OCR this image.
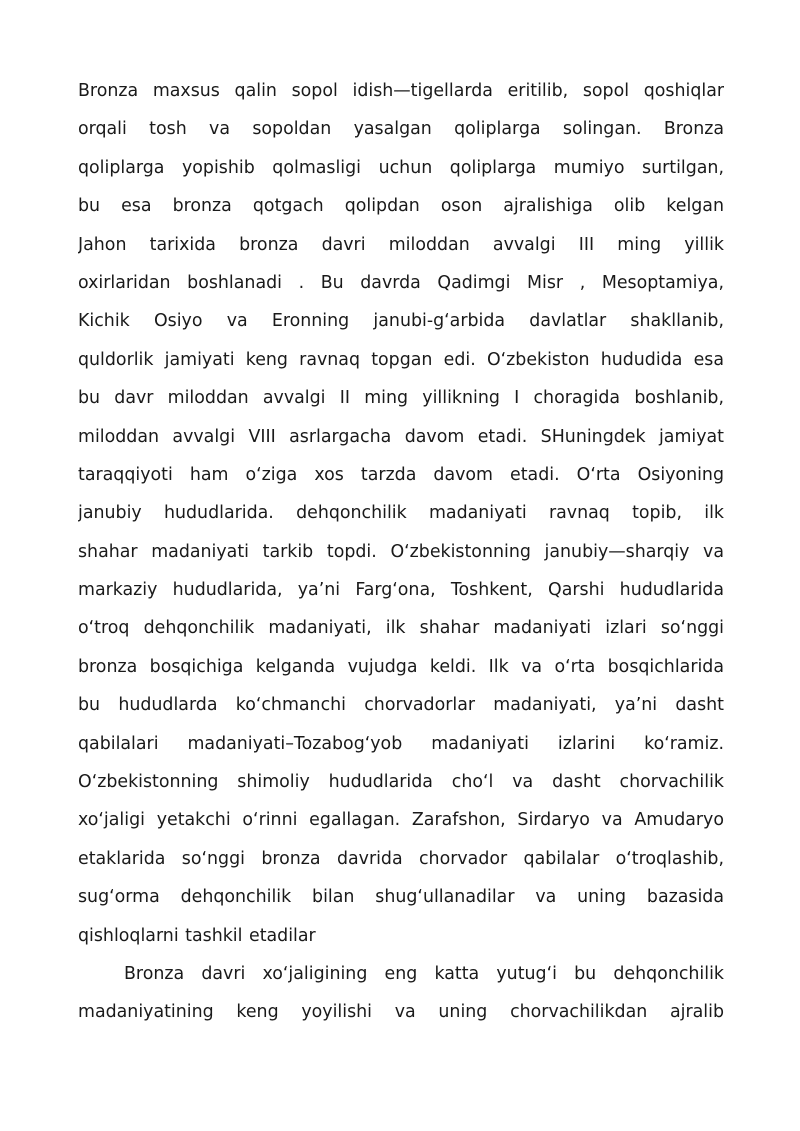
Bronza maxsus qalin sopol idish—tigellarda eritilib, sopol qoshiqlar
orqali tosh va sopoldan yasalgan qoliplarga solingan. Bronza
qoliplarga yopishib qolmasligi uchun qoliplarga mumiyo surtilgan,
bu esa bronza qotgach qolipdan oson ajralishiga olib kelgan
Jahon tarixida bronza davri miloddan avvalgi III ming yillik
oxirlaridan boshlanadi . Bu davrda Qadimgi Misr , Mesoptamiya,
Kichik Osiyo va Eronning janubi-g‘arbida davlatlar shakllanib,
quldorlik jamiyati keng ravnaq topgan edi. O‘zbekiston hududida esa
bu davr miloddan avvalgi II ming yillikning I choragida boshlanib,
miloddan avvalgi VIII asrlargacha davom etadi. SHuningdek jamiyat
taraqqiyoti ham o‘ziga xos tarzda davom etadi. O‘rta Osiyoning
janubiy hududlarida. dehqonchilik madaniyati ravnaq topib, ilk
shahar madaniyati tarkib topdi. O‘zbekistonning janubiy—sharqiy va
markaziy hududlarida, ya’ni Farg‘ona, Toshkent, Qarshi hududlarida
o‘troq dehqonchilik madaniyati, ilk shahar madaniyati izlari so‘nggi
bronza bosqichiga kelganda vujudga keldi. Ilk va o‘rta bosqichlarida
bu hududlarda ko‘chmanchi chorvadorlar madaniyati, ya’ni dasht
qabilalari madaniyati–Tozabog‘yob madaniyati izlarini ko‘ramiz.
O‘zbekistonning shimoliy hududlarida cho‘l va dasht chorvachilik
xo‘jaligi yetakchi o‘rinni egallagan. Zarafshon, Sirdaryo va Amudaryo
etaklarida so‘nggi bronza davrida chorvador qabilalar o‘troqlashib,
sug‘orma dehqonchilik bilan shug‘ullanadilar va uning bazasida
qishloqlarni tashkil etadilar
Bronza davri xo‘jaligining eng katta yutug‘i bu dehqonchilik
madaniyatining keng yoyilishi va uning chorvachilikdan ajralib
